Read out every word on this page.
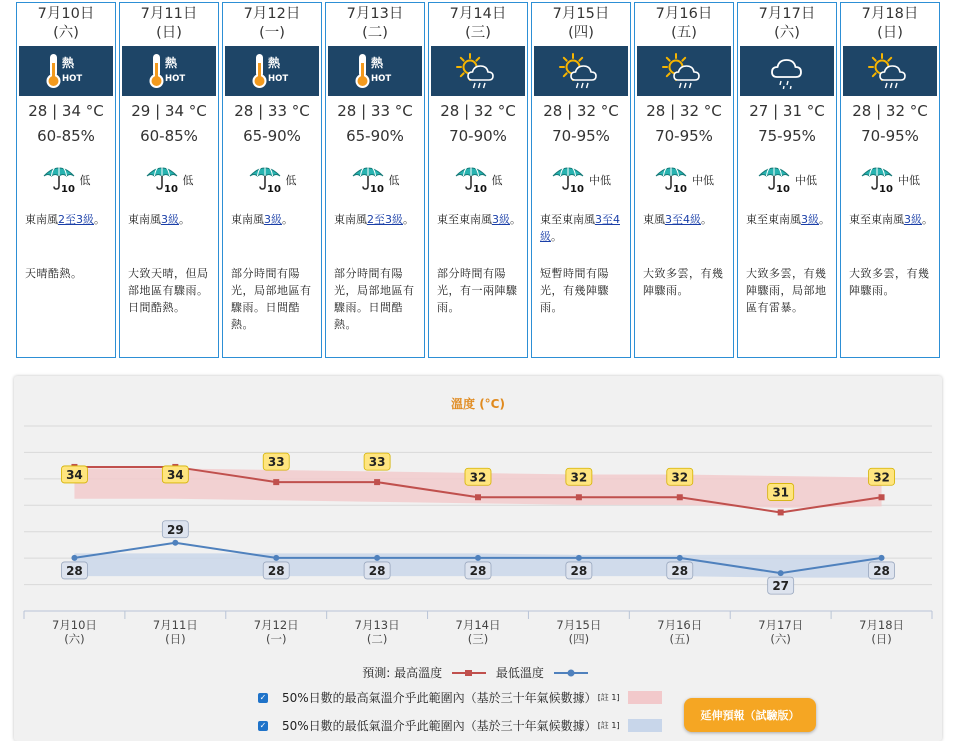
7月10日
(六)
熱
HOT
28 | 34 °C
60-85%
10
低
東南風2至3級。
天晴酷熱。
7月11日
(日)
熱
HOT
29 | 34 °C
60-85%
10
低
東南風3級。
大致天晴，但局部地區有驟雨。日間酷熱。
7月12日
(一)
熱
HOT
28 | 33 °C
65-90%
10
低
東南風3級。
部分時間有陽光，局部地區有驟雨。日間酷熱。
7月13日
(二)
熱
HOT
28 | 33 °C
65-90%
10
低
東南風2至3級。
部分時間有陽光，局部地區有驟雨。日間酷熱。
7月14日
(三)
28 | 32 °C
70-90%
10
低
東至東南風3級。
部分時間有陽光，有一兩陣驟雨。
7月15日
(四)
28 | 32 °C
70-95%
10
中低
東至東南風3至4級。
短暫時間有陽光，有幾陣驟雨。
7月16日
(五)
28 | 32 °C
70-95%
10
中低
東風3至4級。
大致多雲，有幾陣驟雨。
7月17日
(六)
27 | 31 °C
75-95%
10
中低
東至東南風3級。
大致多雲，有幾陣驟雨，局部地區有雷暴。
7月18日
(日)
28 | 32 °C
70-95%
10
中低
東至東南風3級。
大致多雲，有幾陣驟雨。
溫度 (°C)
34	34
33	33
32	32	32
31
32
28
29
28	28	28	28	28
27
28
7月10日
(六)
7月11日
(日)
7月12日
(一)
7月13日
(二)
7月14日
(三)
7月15日
(四)
7月16日
(五)
7月17日
(六)
7月18日
(日)
預測: 最高溫度	最低溫度
✓ 50%日數的最高氣溫介乎此範圍內（基於三十年氣候數據） [註 1]
✓ 50%日數的最低氣溫介乎此範圍內（基於三十年氣候數據） [註 1]
延伸預報（試驗版）
